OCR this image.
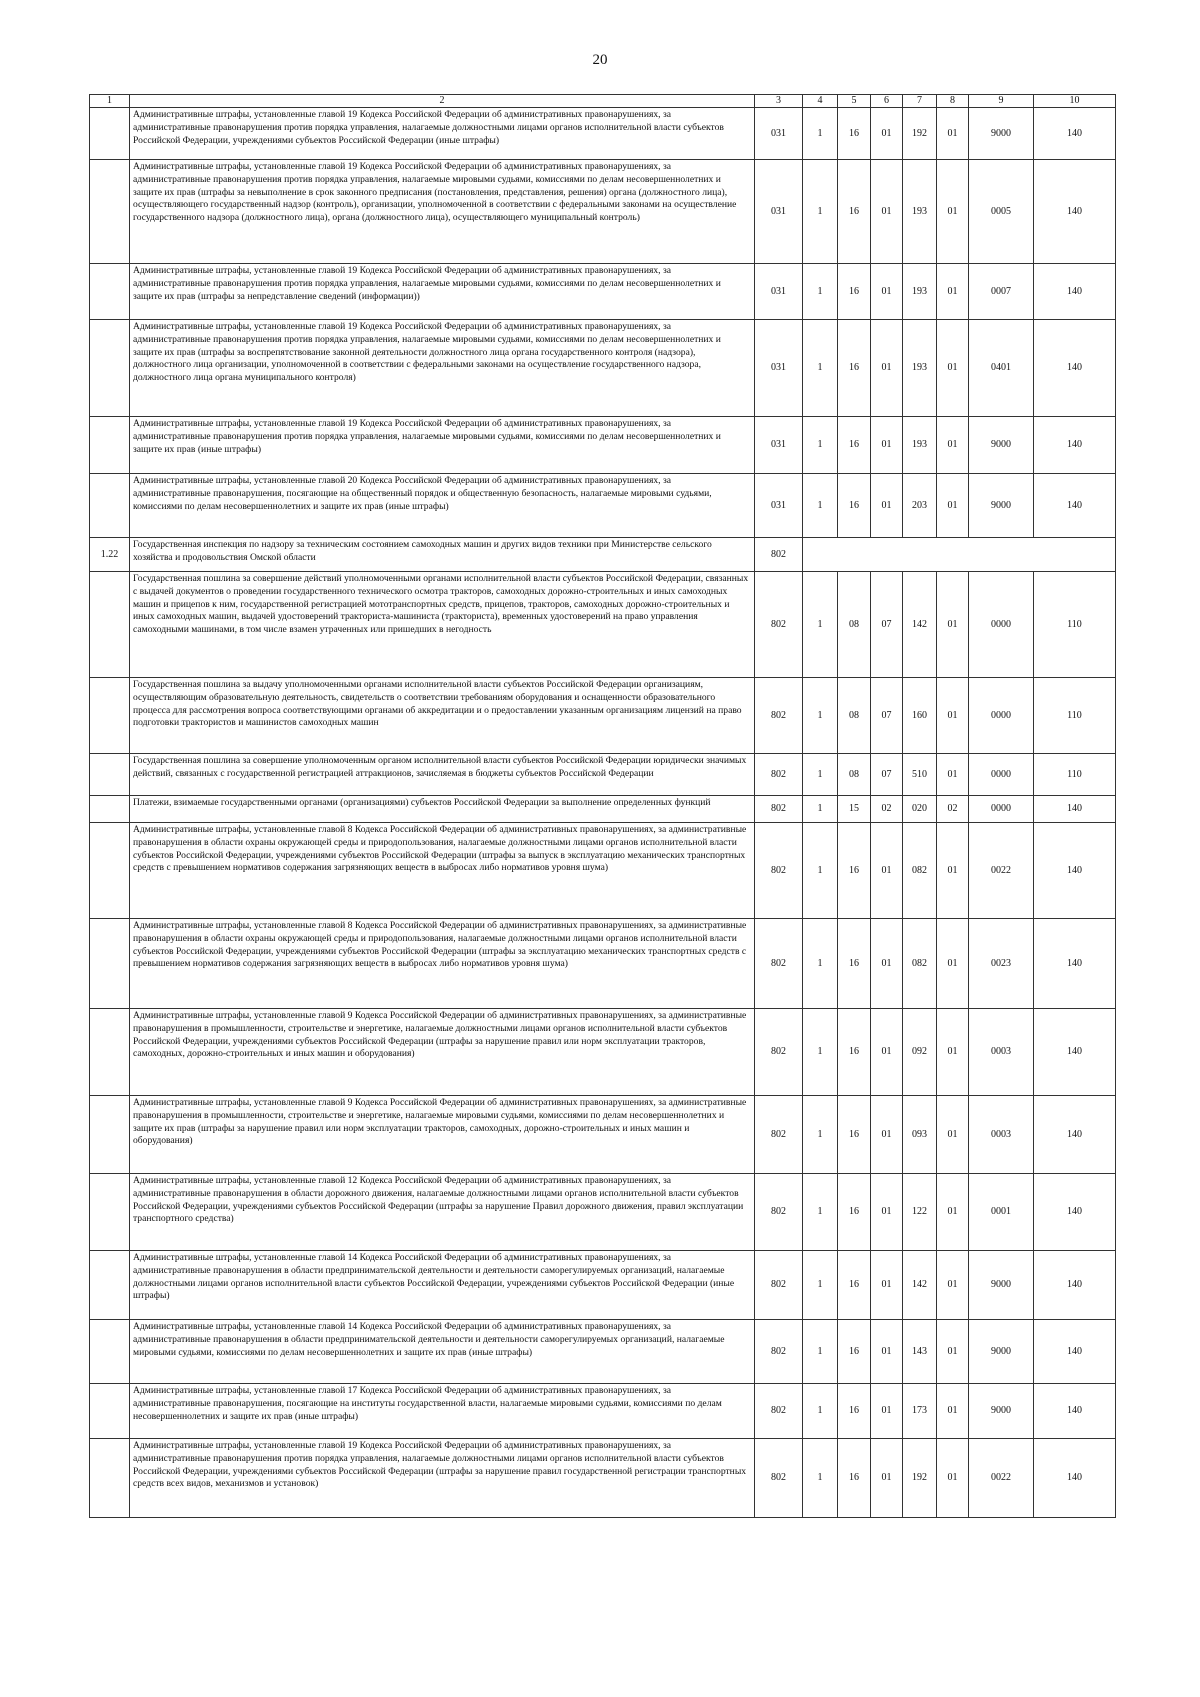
20
1	2	3	4	5	6	7	8	9	10
	Административные штрафы, установленные главой 19 Кодекса Российской Федерации об административных правонарушениях, за административные правонарушения против порядка управления, налагаемые должностными лицами органов исполнительной власти субъектов Российской Федерации, учреждениями субъектов Российской Федерации (иные штрафы)	031	1	16	01	192	01	9000	140
	Административные штрафы, установленные главой 19 Кодекса Российской Федерации об административных правонарушениях, за административные правонарушения против порядка управления, налагаемые мировыми судьями, комиссиями по делам несовершеннолетних и защите их прав (штрафы за невыполнение в срок законного предписания (постановления, представления, решения) органа (должностного лица), осуществляющего государственный надзор (контроль), организации, уполномоченной в соответствии с федеральными законами на осуществление государственного надзора (должностного лица), органа (должностного лица), осуществляющего муниципальный контроль)	031	1	16	01	193	01	0005	140
	Административные штрафы, установленные главой 19 Кодекса Российской Федерации об административных правонарушениях, за административные правонарушения против порядка управления, налагаемые мировыми судьями, комиссиями по делам несовершеннолетних и защите их прав (штрафы за непредставление сведений (информации))	031	1	16	01	193	01	0007	140
	Административные штрафы, установленные главой 19 Кодекса Российской Федерации об административных правонарушениях, за административные правонарушения против порядка управления, налагаемые мировыми судьями, комиссиями по делам несовершеннолетних и защите их прав (штрафы за воспрепятствование законной деятельности должностного лица органа государственного контроля (надзора), должностного лица организации, уполномоченной в соответствии с федеральными законами на осуществление государственного надзора, должностного лица органа муниципального контроля)	031	1	16	01	193	01	0401	140
	Административные штрафы, установленные главой 19 Кодекса Российской Федерации об административных правонарушениях, за административные правонарушения против порядка управления, налагаемые мировыми судьями, комиссиями по делам несовершеннолетних и защите их прав (иные штрафы)	031	1	16	01	193	01	9000	140
	Административные штрафы, установленные главой 20 Кодекса Российской Федерации об административных правонарушениях, за административные правонарушения, посягающие на общественный порядок и общественную безопасность, налагаемые мировыми судьями, комиссиями по делам несовершеннолетних и защите их прав (иные штрафы)	031	1	16	01	203	01	9000	140
1.22	Государственная инспекция по надзору за техническим состоянием самоходных машин и других видов техники при Министерстве сельского хозяйства и продовольствия Омской области	802							
	Государственная пошлина за совершение действий уполномоченными органами исполнительной власти субъектов Российской Федерации, связанных с выдачей документов о проведении государственного технического осмотра тракторов, самоходных дорожно-строительных и иных самоходных машин и прицепов к ним, государственной регистрацией мототранспортных средств, прицепов, тракторов, самоходных дорожно-строительных и иных самоходных машин, выдачей удостоверений тракториста-машиниста (тракториста), временных удостоверений на право управления самоходными машинами, в том числе взамен утраченных или пришедших в негодность	802	1	08	07	142	01	0000	110
	Государственная пошлина за выдачу уполномоченными органами исполнительной власти субъектов Российской Федерации организациям, осуществляющим образовательную деятельность, свидетельств о соответствии требованиям оборудования и оснащенности образовательного процесса для рассмотрения вопроса соответствующими органами об аккредитации и о предоставлении указанным организациям лицензий на право подготовки трактористов и машинистов самоходных машин	802	1	08	07	160	01	0000	110
	Государственная пошлина за совершение уполномоченным органом исполнительной власти субъектов Российской Федерации юридически значимых действий, связанных с государственной регистрацией аттракционов, зачисляемая в бюджеты субъектов Российской Федерации	802	1	08	07	510	01	0000	110
	Платежи, взимаемые государственными органами (организациями) субъектов Российской Федерации за выполнение определенных функций	802	1	15	02	020	02	0000	140
	Административные штрафы, установленные главой 8 Кодекса Российской Федерации об административных правонарушениях, за административные правонарушения в области охраны окружающей среды и природопользования, налагаемые должностными лицами органов исполнительной власти субъектов Российской Федерации, учреждениями субъектов Российской Федерации (штрафы за выпуск в эксплуатацию механических транспортных средств с превышением нормативов содержания загрязняющих веществ в выбросах либо нормативов уровня шума)	802	1	16	01	082	01	0022	140
	Административные штрафы, установленные главой 8 Кодекса Российской Федерации об административных правонарушениях, за административные правонарушения в области охраны окружающей среды и природопользования, налагаемые должностными лицами органов исполнительной власти субъектов Российской Федерации, учреждениями субъектов Российской Федерации (штрафы за эксплуатацию механических транспортных средств с превышением нормативов содержания загрязняющих веществ в выбросах либо нормативов уровня шума)	802	1	16	01	082	01	0023	140
	Административные штрафы, установленные главой 9 Кодекса Российской Федерации об административных правонарушениях, за административные правонарушения в промышленности, строительстве и энергетике, налагаемые должностными лицами органов исполнительной власти субъектов Российской Федерации, учреждениями субъектов Российской Федерации (штрафы за нарушение правил или норм эксплуатации тракторов, самоходных, дорожно-строительных и иных машин и оборудования)	802	1	16	01	092	01	0003	140
	Административные штрафы, установленные главой 9 Кодекса Российской Федерации об административных правонарушениях, за административные правонарушения в промышленности, строительстве и энергетике, налагаемые мировыми судьями, комиссиями по делам несовершеннолетних и защите их прав (штрафы за нарушение правил или норм эксплуатации тракторов, самоходных, дорожно-строительных и иных машин и оборудования)	802	1	16	01	093	01	0003	140
	Административные штрафы, установленные главой 12 Кодекса Российской Федерации об административных правонарушениях, за административные правонарушения в области дорожного движения, налагаемые должностными лицами органов исполнительной власти субъектов Российской Федерации, учреждениями субъектов Российской Федерации (штрафы за нарушение Правил дорожного движения, правил эксплуатации транспортного средства)	802	1	16	01	122	01	0001	140
	Административные штрафы, установленные главой 14 Кодекса Российской Федерации об административных правонарушениях, за административные правонарушения в области предпринимательской деятельности и деятельности саморегулируемых организаций, налагаемые должностными лицами органов исполнительной власти субъектов Российской Федерации, учреждениями субъектов Российской Федерации (иные штрафы)	802	1	16	01	142	01	9000	140
	Административные штрафы, установленные главой 14 Кодекса Российской Федерации об административных правонарушениях, за административные правонарушения в области предпринимательской деятельности и деятельности саморегулируемых организаций, налагаемые мировыми судьями, комиссиями по делам несовершеннолетних и защите их прав (иные штрафы)	802	1	16	01	143	01	9000	140
	Административные штрафы, установленные главой 17 Кодекса Российской Федерации об административных правонарушениях, за административные правонарушения, посягающие на институты государственной власти, налагаемые мировыми судьями, комиссиями по делам несовершеннолетних и защите их прав (иные штрафы)	802	1	16	01	173	01	9000	140
	Административные штрафы, установленные главой 19 Кодекса Российской Федерации об административных правонарушениях, за административные правонарушения против порядка управления, налагаемые должностными лицами органов исполнительной власти субъектов Российской Федерации, учреждениями субъектов Российской Федерации (штрафы за нарушение правил государственной регистрации транспортных средств всех видов, механизмов и установок)	802	1	16	01	192	01	0022	140
